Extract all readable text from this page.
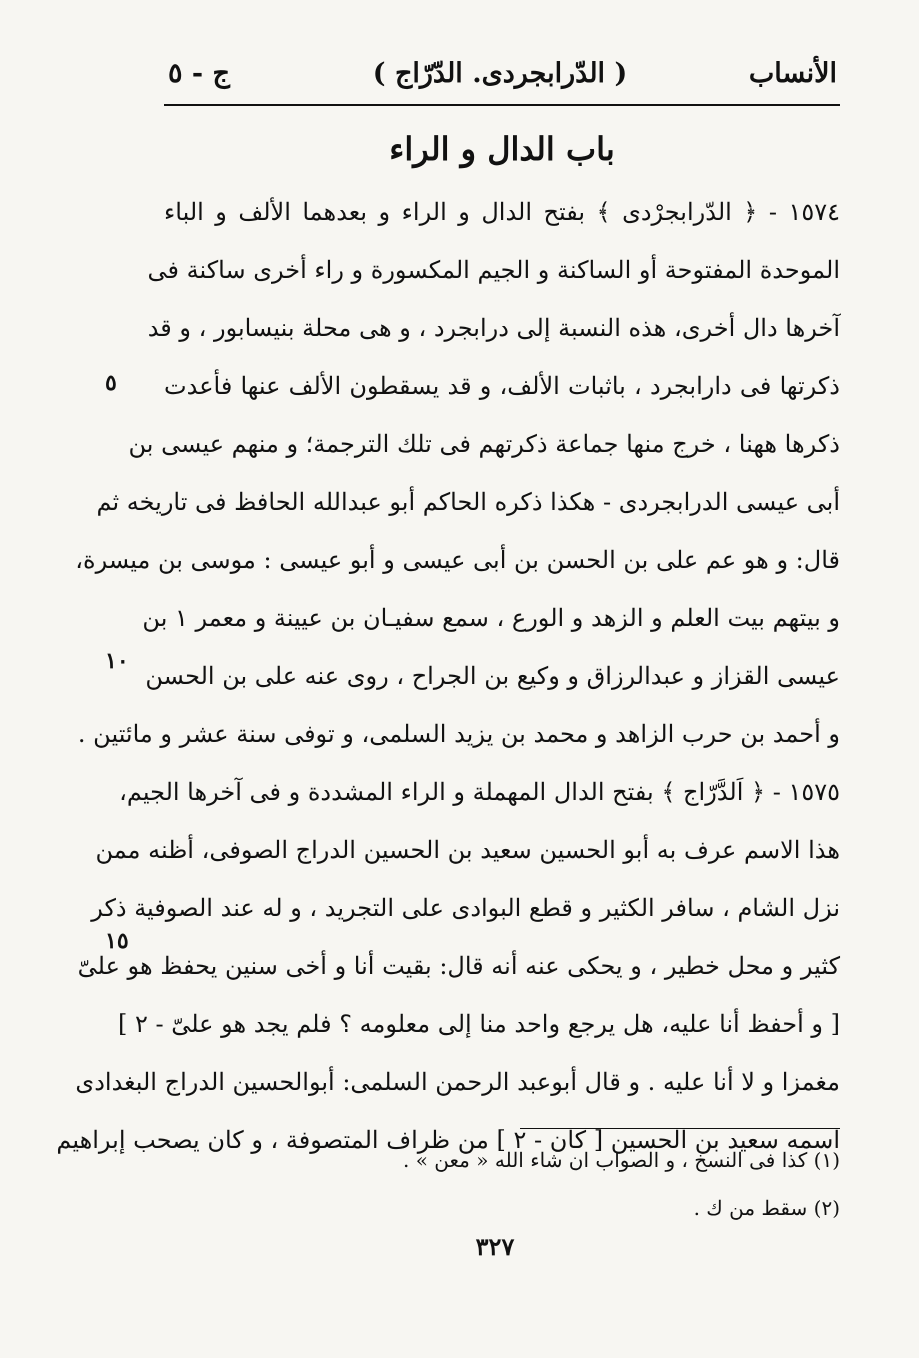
الأنساب
( الدّرابجردى. الدّرّاج )
ج - ٥
باب الدال و الراء
١٥٧٤ - ﴿ الدّرابجرْدى ﴾ بفتح الدال و الراء و بعدهما الألف و الباء
الموحدة المفتوحة أو الساكنة و الجيم المكسورة و راء أخرى ساكنة فى
آخرها دال أخرى، هذه النسبة إلى درابجرد ، و هى محلة بنيسابور ، و قد
ذكرتها فى دارابجرد ، باثبات الألف، و قد يسقطون الألف عنها فأعدت
ذكرها ههنا ، خرج منها جماعة ذكرتهم فى تلك الترجمة؛ و منهم عيسى بن
أبى عيسى الدرابجردى - هكذا ذكره الحاكم أبو عبدالله الحافظ فى تاريخه ثم
قال: و هو عم على بن الحسن بن أبى عيسى و أبو عيسى : موسى بن ميسرة،
و بيتهم بيت العلم و الزهد و الورع ، سمع سفيـان بن عيينة و معمر ١ بن
عيسى القزاز و عبدالرزاق و وكيع بن الجراح ، روى عنه على بن الحسن
و أحمد بن حرب الزاهد و محمد بن يزيد السلمى، و توفى سنة عشر و مائتين .
١٥٧٥ - ﴿ اَلدَّرّاج ﴾ بفتح الدال المهملة و الراء المشددة و فى آخرها الجيم،
هذا الاسم عرف به أبو الحسين سعيد بن الحسين الدراج الصوفى، أظنه ممن
نزل الشام ، سافر الكثير و قطع البوادى على التجريد ، و له عند الصوفية ذكر
كثير و محل خطير ، و يحكى عنه أنه قال: بقيت أنا و أخى سنين يحفظ هو علىّ
[ و أحفظ أنا عليه، هل يرجع واحد منا إلى معلومه ؟ فلم يجد هو علىّ - ٢ ]
مغمزا و لا أنا عليه . و قال أبوعبد الرحمن السلمى: أبوالحسين الدراج البغدادى
اسمه سعيد بن الحسين [ كان - ٢ ] من ظراف المتصوفة ، و كان يصحب إبراهيم
٥
١٠
١٥
(١) كذا فى النسخ ، و الصواب ان شاء الله « معن » .
(٢) سقط من ك .
٣٢٧
